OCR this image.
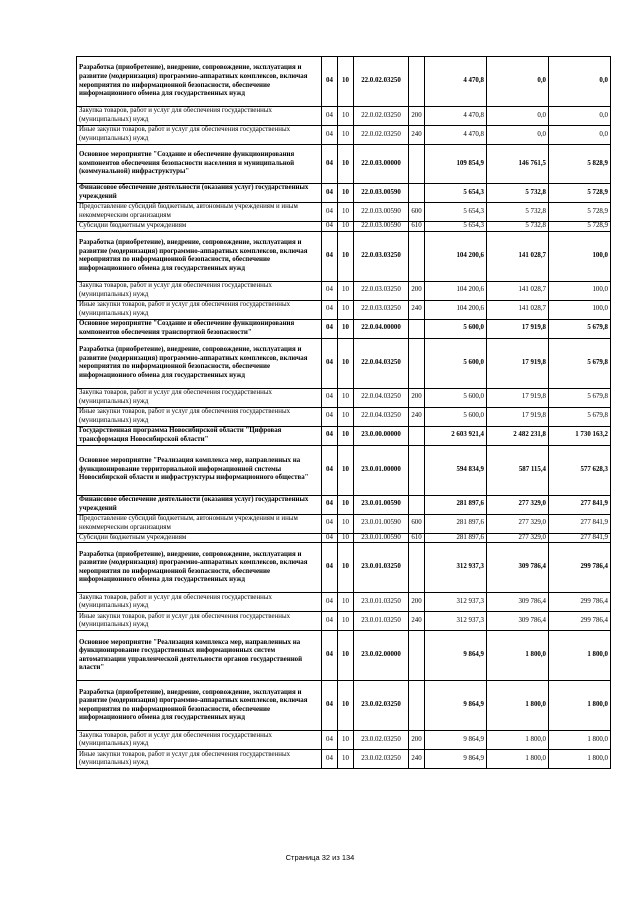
Разработка (приобретение), внедрение, сопровождение, эксплуатация и развитие (модернизация) программно-аппаратных комплексов, включая мероприятия по информационной безопасности, обеспечение информационного обмена для государственных нужд	04	10	22.0.02.03250		4 470,8	0,0	0,0
Закупка товаров, работ и услуг для обеспечения государственных (муниципальных) нужд	04	10	22.0.02.03250	200	4 470,8	0,0	0,0
Иные закупки товаров, работ и услуг для обеспечения государственных (муниципальных) нужд	04	10	22.0.02.03250	240	4 470,8	0,0	0,0
Основное мероприятие "Создание и обеспечение функционирования компонентов обеспечения безопасности населения и муниципальной (коммунальной) инфраструктуры"	04	10	22.0.03.00000		109 854,9	146 761,5	5 828,9
Финансовое обеспечение деятельности (оказания услуг) государственных учреждений	04	10	22.0.03.00590		5 654,3	5 732,8	5 728,9
Предоставление субсидий бюджетным, автономным учреждениям и иным некоммерческим организациям	04	10	22.0.03.00590	600	5 654,3	5 732,8	5 728,9
Субсидии бюджетным учреждениям	04	10	22.0.03.00590	610	5 654,3	5 732,8	5 728,9
Разработка (приобретение), внедрение, сопровождение, эксплуатация и развитие (модернизация) программно-аппаратных комплексов, включая мероприятия по информационной безопасности, обеспечение информационного обмена для государственных нужд	04	10	22.0.03.03250		104 200,6	141 028,7	100,0
Закупка товаров, работ и услуг для обеспечения государственных (муниципальных) нужд	04	10	22.0.03.03250	200	104 200,6	141 028,7	100,0
Иные закупки товаров, работ и услуг для обеспечения государственных (муниципальных) нужд	04	10	22.0.03.03250	240	104 200,6	141 028,7	100,0
Основное мероприятие "Создание и обеспечение функционирования компонентов обеспечения транспортной безопасности"	04	10	22.0.04.00000		5 600,0	17 919,8	5 679,8
Разработка (приобретение), внедрение, сопровождение, эксплуатация и развитие (модернизация) программно-аппаратных комплексов, включая мероприятия по информационной безопасности, обеспечение информационного обмена для государственных нужд	04	10	22.0.04.03250		5 600,0	17 919,8	5 679,8
Закупка товаров, работ и услуг для обеспечения государственных (муниципальных) нужд	04	10	22.0.04.03250	200	5 600,0	17 919,8	5 679,8
Иные закупки товаров, работ и услуг для обеспечения государственных (муниципальных) нужд	04	10	22.0.04.03250	240	5 600,0	17 919,8	5 679,8
Государственная программа Новосибирской области "Цифровая трансформация Новосибирской области"	04	10	23.0.00.00000		2 603 921,4	2 482 231,8	1 730 163,2
Основное мероприятие "Реализация комплекса мер, направленных на функционирование территориальной информационной системы Новосибирской области и инфраструктуры информационного общества"	04	10	23.0.01.00000		594 834,9	587 115,4	577 628,3
Финансовое обеспечение деятельности (оказания услуг) государственных учреждений	04	10	23.0.01.00590		281 897,6	277 329,0	277 841,9
Предоставление субсидий бюджетным, автономным учреждениям и иным некоммерческим организациям	04	10	23.0.01.00590	600	281 897,6	277 329,0	277 841,9
Субсидии бюджетным учреждениям	04	10	23.0.01.00590	610	281 897,6	277 329,0	277 841,9
Разработка (приобретение), внедрение, сопровождение, эксплуатация и развитие (модернизация) программно-аппаратных комплексов, включая мероприятия по информационной безопасности, обеспечение информационного обмена для государственных нужд	04	10	23.0.01.03250		312 937,3	309 786,4	299 786,4
Закупка товаров, работ и услуг для обеспечения государственных (муниципальных) нужд	04	10	23.0.01.03250	200	312 937,3	309 786,4	299 786,4
Иные закупки товаров, работ и услуг для обеспечения государственных (муниципальных) нужд	04	10	23.0.01.03250	240	312 937,3	309 786,4	299 786,4
Основное мероприятие "Реализация комплекса мер, направленных на функционирование государственных информационных систем автоматизации управленческой деятельности органов государственной власти"	04	10	23.0.02.00000		9 864,9	1 800,0	1 800,0
Разработка (приобретение), внедрение, сопровождение, эксплуатация и развитие (модернизация) программно-аппаратных комплексов, включая мероприятия по информационной безопасности, обеспечение информационного обмена для государственных нужд	04	10	23.0.02.03250		9 864,9	1 800,0	1 800,0
Закупка товаров, работ и услуг для обеспечения государственных (муниципальных) нужд	04	10	23.0.02.03250	200	9 864,9	1 800,0	1 800,0
Иные закупки товаров, работ и услуг для обеспечения государственных (муниципальных) нужд	04	10	23.0.02.03250	240	9 864,9	1 800,0	1 800,0
Страница 32 из 134
